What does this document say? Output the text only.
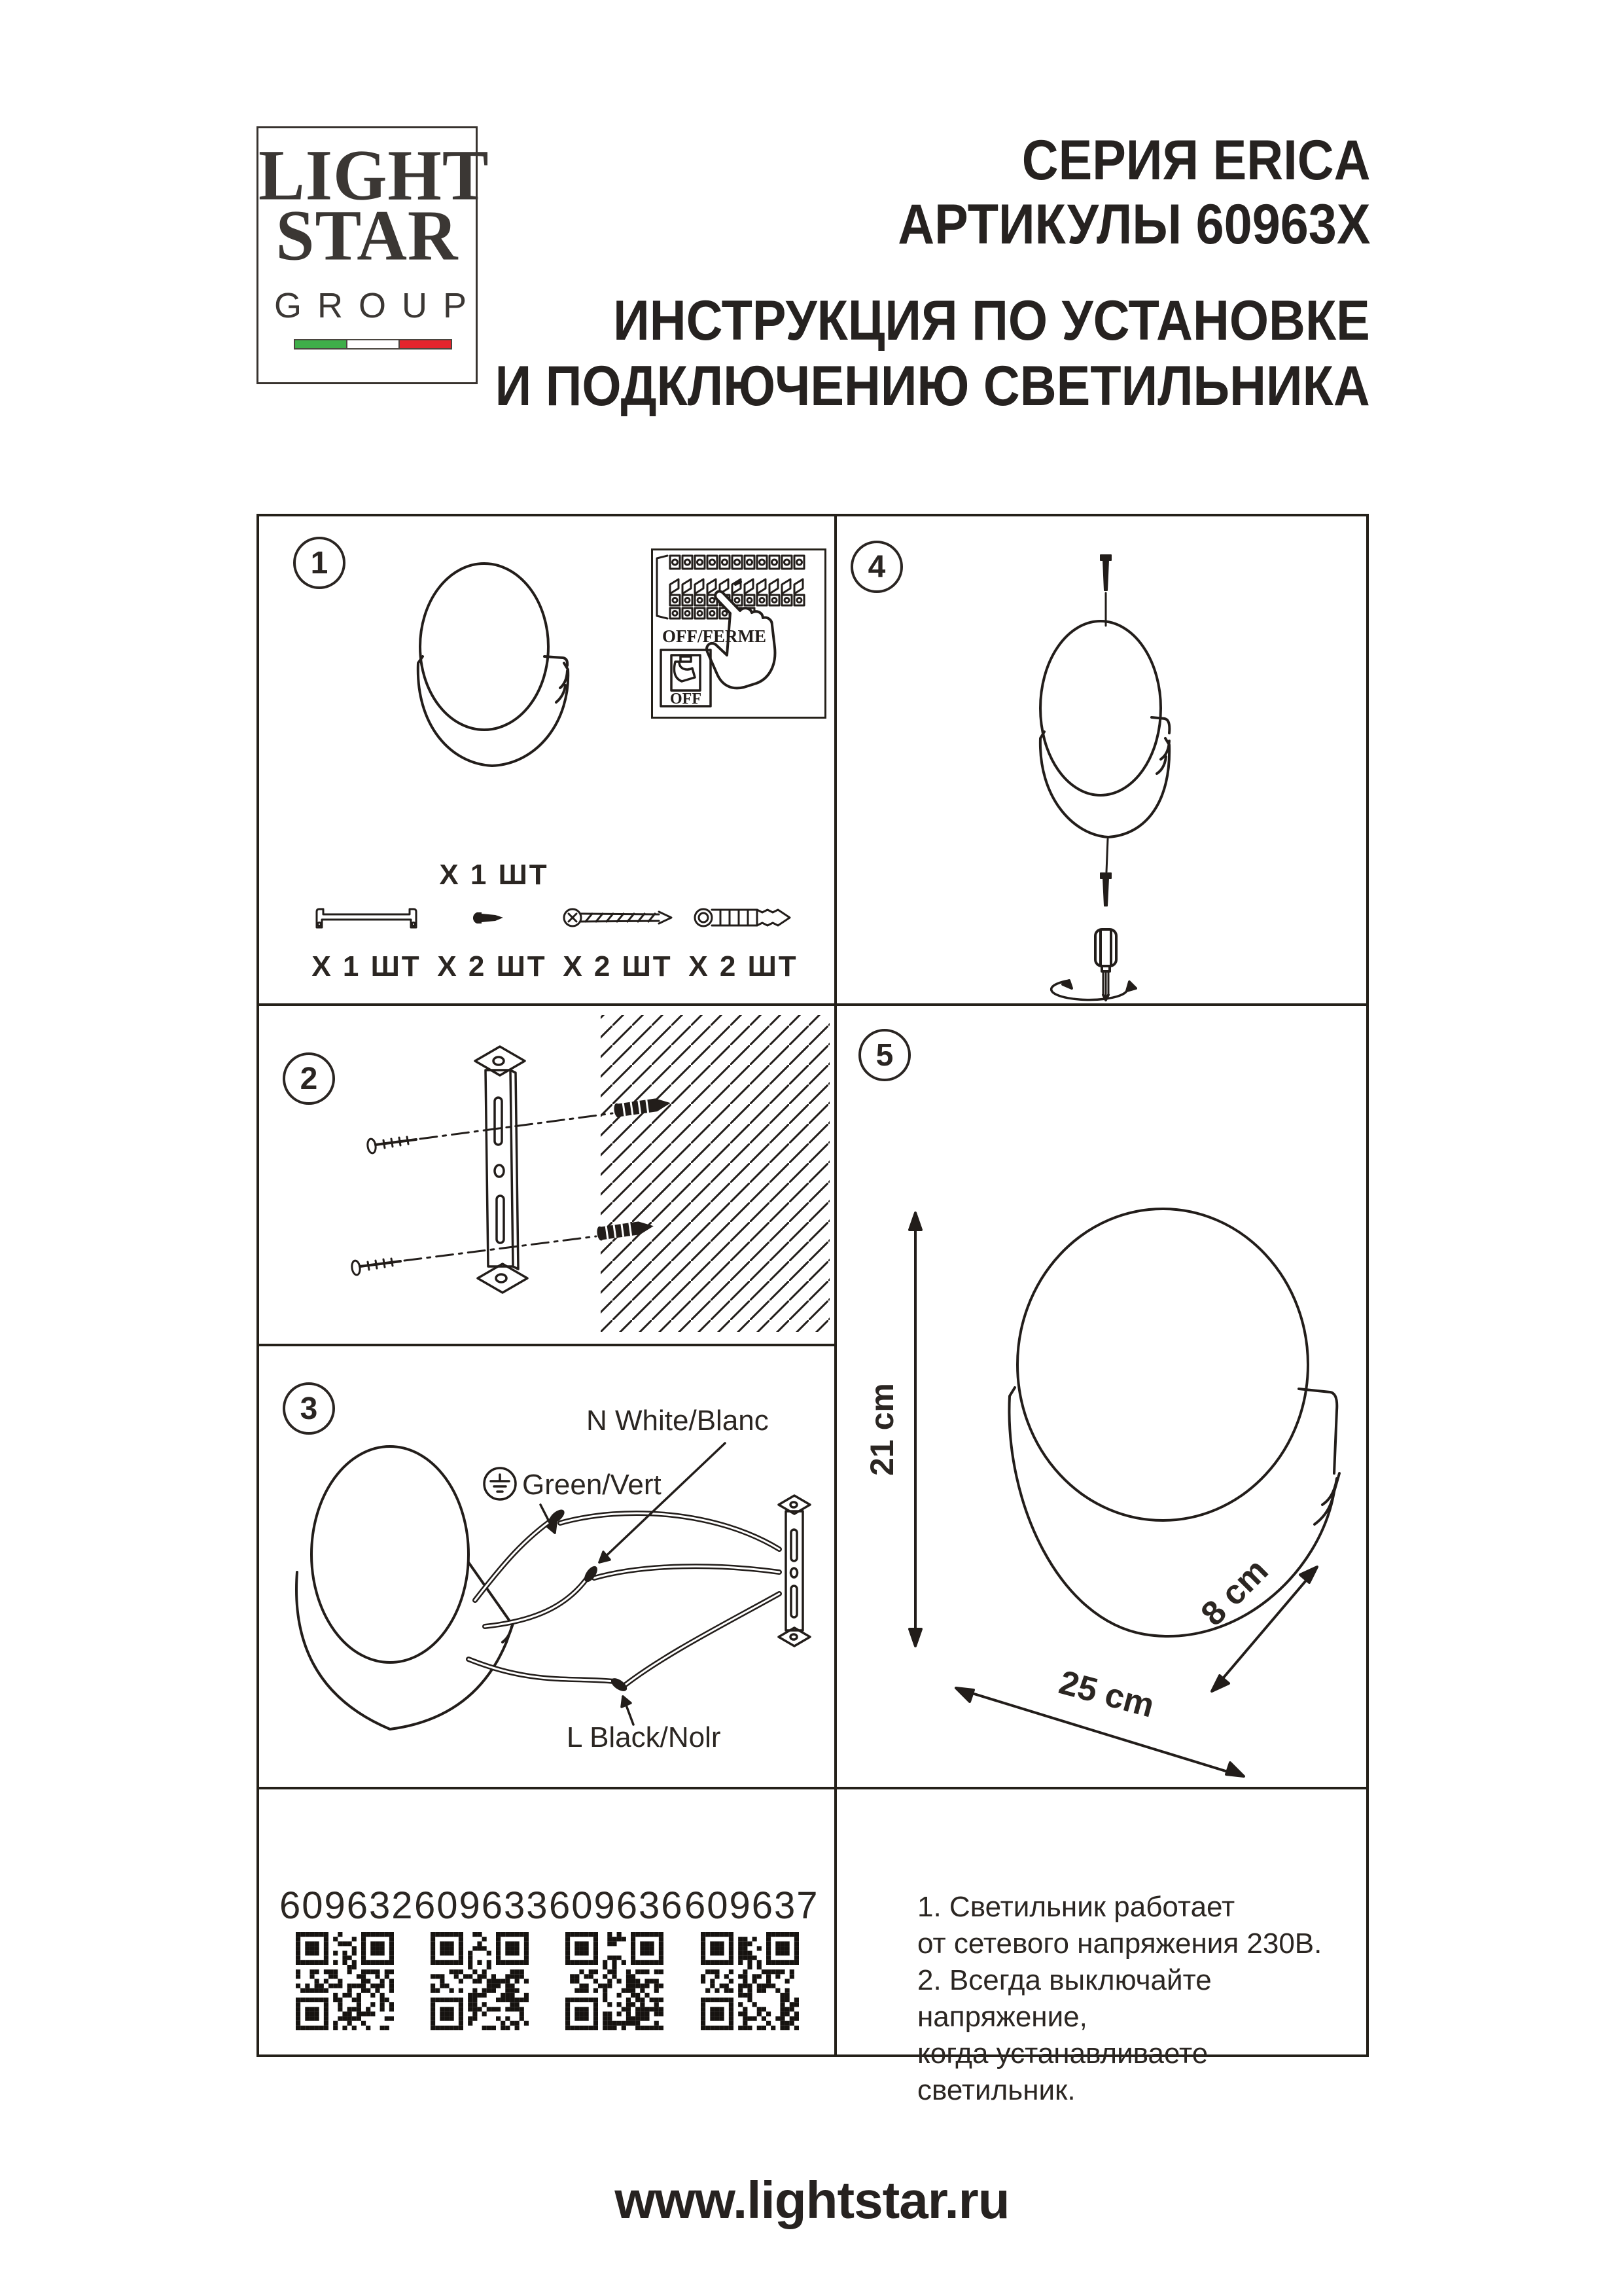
LIGHT
STAR
GROUP
СЕРИЯ ERICA
АРТИКУЛЫ 60963Х
ИНСТРУКЦИЯ ПО УСТАНОВКЕ
И ПОДКЛЮЧЕНИЮ СВЕТИЛЬНИКА
1	4
2
3
5
X 1 ШТ
OFF/FERME
OFF
X 1 ШТ X 2 ШТ X 2 ШТ X 2 ШТ
N White/Blanc
Green/Vert
L Black/Nolr
21 cm
25 cm
8 cm
609632 609633 609636 609637	1. Светильник работает
от сетевого напряжения 230В.
2. Всегда выключайте напряжение,
когда устанавливаете светильник.
www.lightstar.ru
